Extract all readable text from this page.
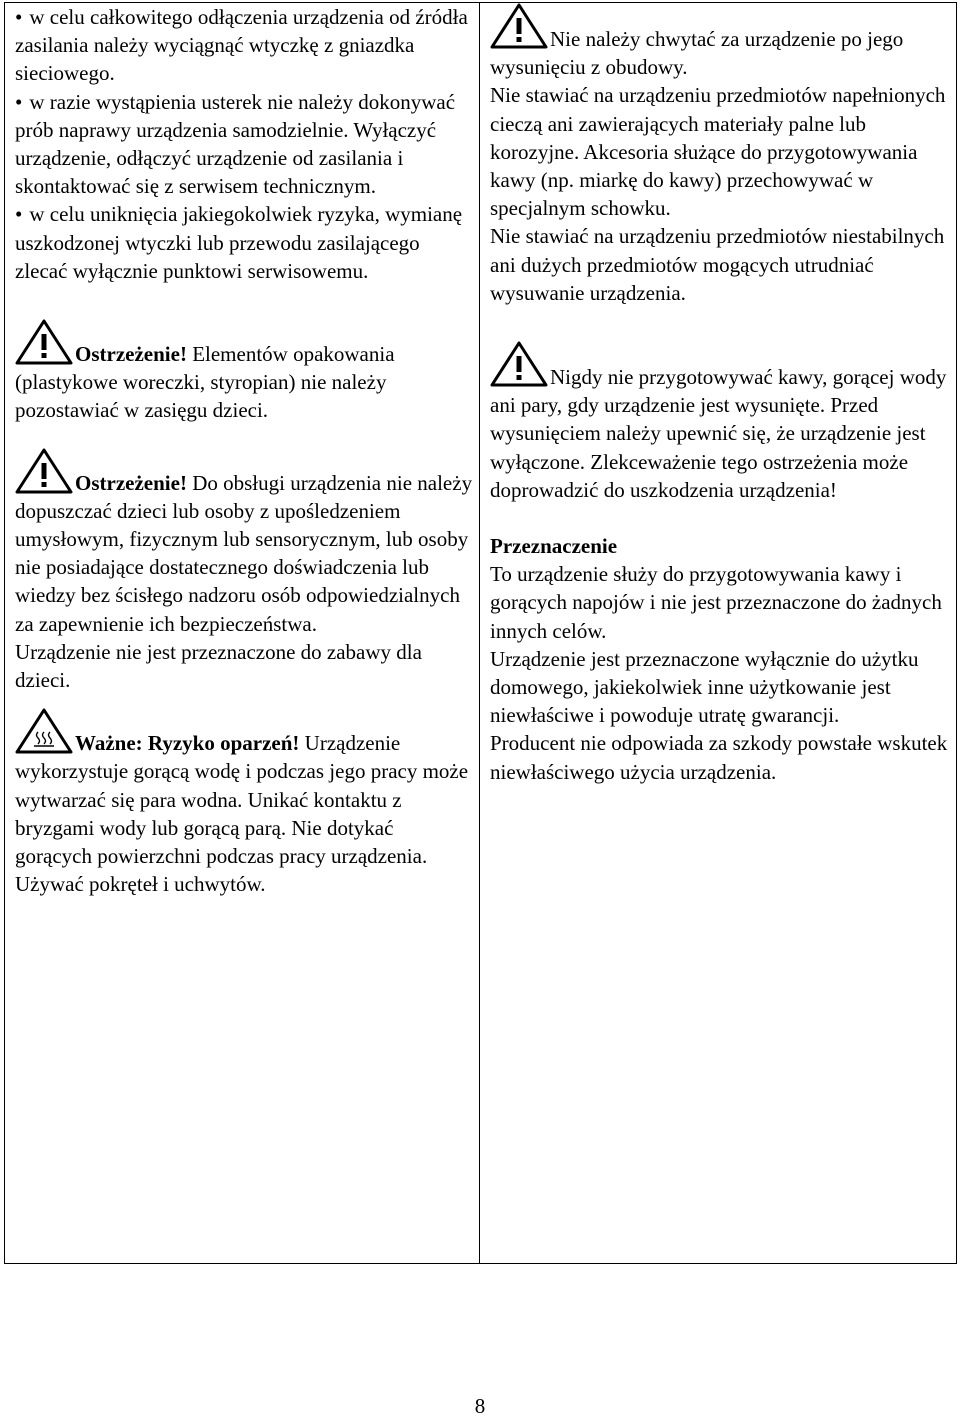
• w celu całkowitego odłączenia urządzenia od źródła zasilania należy wyciągnąć wtyczkę z gniazdka sieciowego.

• w razie wystąpienia usterek nie należy dokonywać prób naprawy urządzenia samodzielnie. Wyłączyć urządzenie, odłączyć urządzenie od zasilania i skontaktować się z serwisem technicznym.

• w celu uniknięcia jakiegokolwiek ryzyka, wymianę uszkodzonej wtyczki lub przewodu zasilającego zlecać wyłącznie punktowi serwisowemu.

Ostrzeżenie! Elementów opakowania (plastykowe woreczki, styropian) nie należy pozostawiać w zasięgu dzieci.

Ostrzeżenie! Do obsługi urządzenia nie należy dopuszczać dzieci lub osoby z upośledzeniem umysłowym, fizycznym lub sensorycznym, lub osoby nie posiadające dostatecznego doświadczenia lub wiedzy bez ścisłego nadzoru osób odpowiedzialnych za zapewnienie ich bezpieczeństwa.

Urządzenie nie jest przeznaczone do zabawy dla dzieci.

Ważne: Ryzyko oparzeń! Urządzenie wykorzystuje gorącą wodę i podczas jego pracy może wytwarzać się para wodna. Unikać kontaktu z bryzgami wody lub gorącą parą. Nie dotykać gorących powierzchni podczas pracy urządzenia. Używać pokręteł i uchwytów.

Nie należy chwytać za urządzenie po jego wysunięciu z obudowy.

Nie stawiać na urządzeniu przedmiotów napełnionych cieczą ani zawierających materiały palne lub korozyjne. Akcesoria służące do przygotowywania kawy (np. miarkę do kawy) przechowywać w specjalnym schowku.

Nie stawiać na urządzeniu przedmiotów niestabilnych ani dużych przedmiotów mogących utrudniać wysuwanie urządzenia.

Nigdy nie przygotowywać kawy, gorącej wody ani pary, gdy urządzenie jest wysunięte. Przed wysunięciem należy upewnić się, że urządzenie jest wyłączone. Zlekceważenie tego ostrzeżenia może doprowadzić do uszkodzenia urządzenia!

Przeznaczenie

To urządzenie służy do przygotowywania kawy i gorących napojów i nie jest przeznaczone do żadnych innych celów.

Urządzenie jest przeznaczone wyłącznie do użytku domowego, jakiekolwiek inne użytkowanie jest niewłaściwe i powoduje utratę gwarancji.

Producent nie odpowiada za szkody powstałe wskutek niewłaściwego użycia urządzenia.

8
